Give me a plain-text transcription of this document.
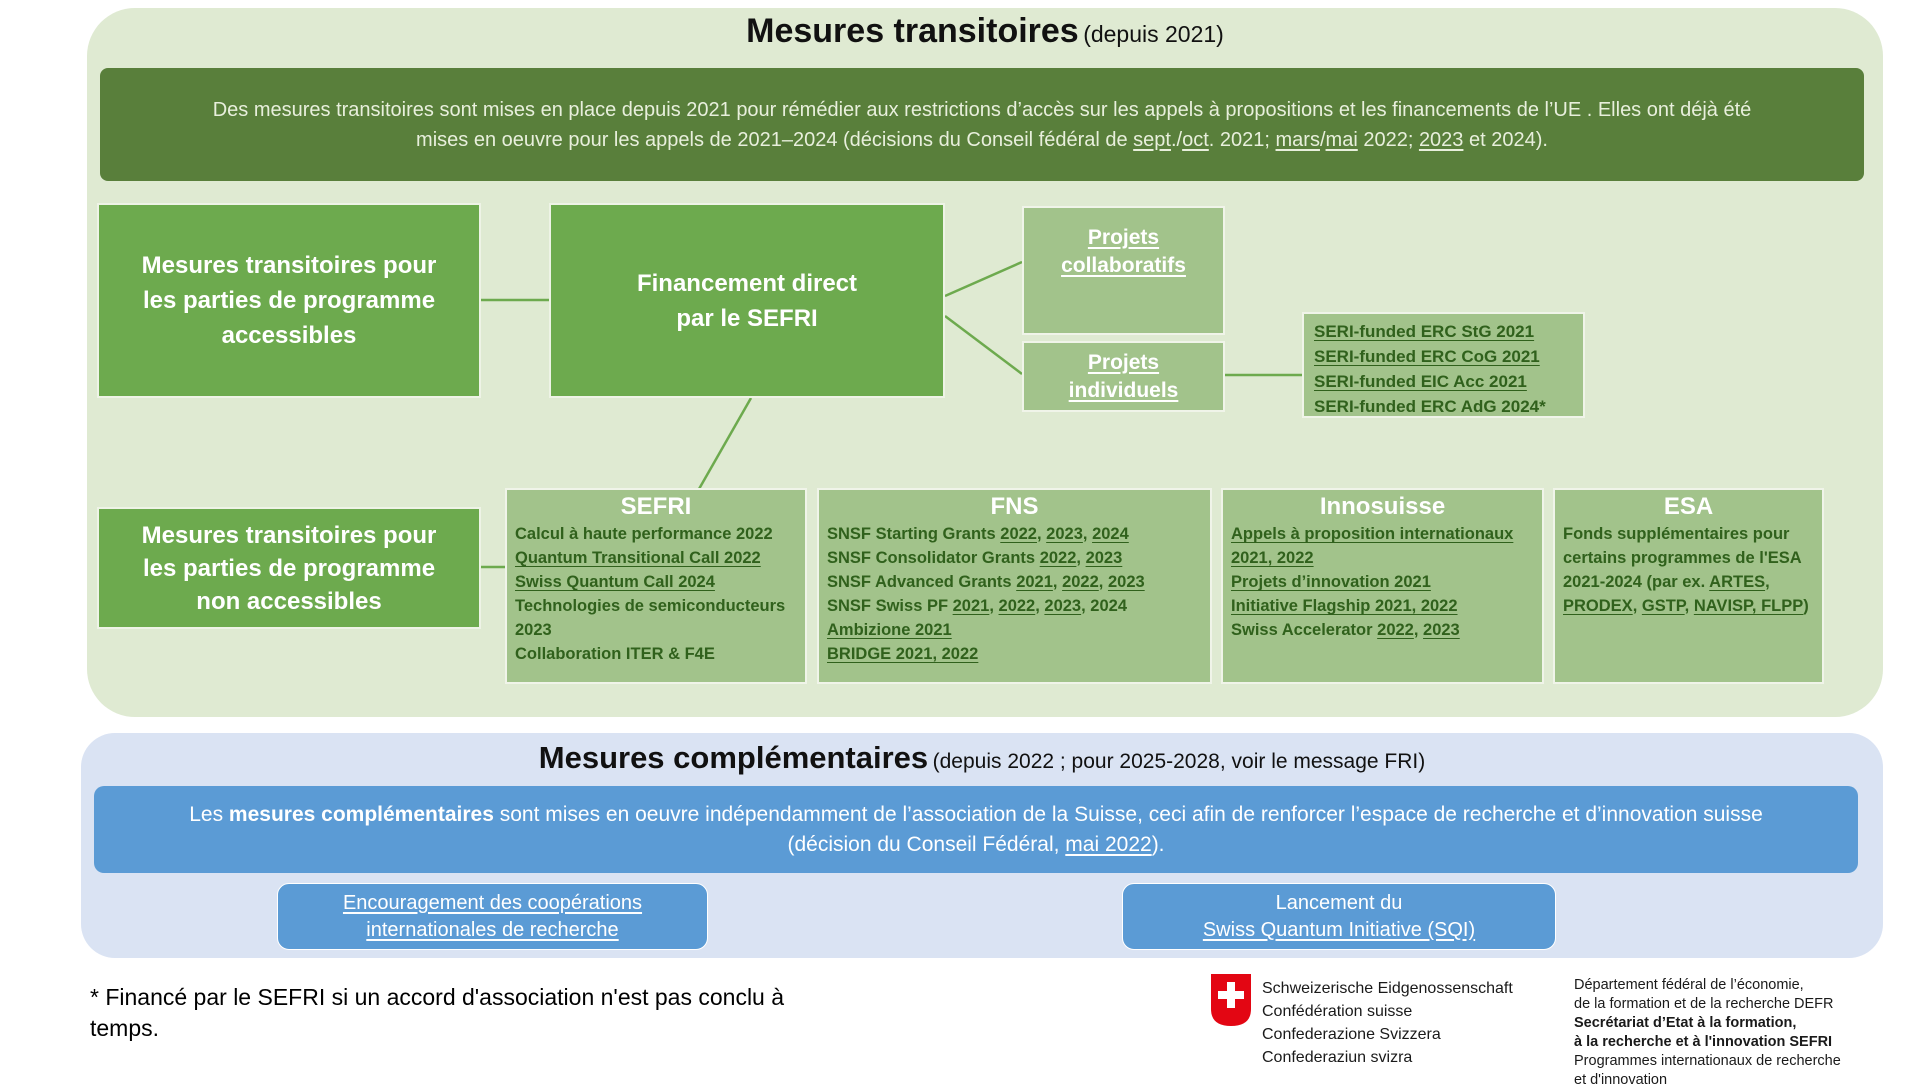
Mesures transitoires (depuis 2021)
Des mesures transitoires sont mises en place depuis 2021 pour rémédier aux restrictions d’accès sur les appels à propositions et les financements de l’UE . Elles ont déjà été
mises en oeuvre pour les appels de 2021–2024 (décisions du Conseil fédéral de sept./oct. 2021; mars/mai 2022; 2023 et 2024).
Mesures transitoires pour
les parties de programme
accessibles
Financement direct
par le SEFRI
Projets
collaboratifs
Projets
individuels
SERI-funded ERC StG 2021
SERI-funded ERC CoG 2021
SERI-funded EIC Acc 2021
SERI-funded ERC AdG 2024*
Mesures transitoires pour
les parties de programme
non accessibles
SEFRI
Calcul à haute performance 2022
Quantum Transitional Call 2022
Swiss Quantum Call 2024
Technologies de semiconducteurs
2023
Collaboration ITER & F4E
FNS
SNSF Starting Grants 2022, 2023, 2024
SNSF Consolidator Grants 2022, 2023
SNSF Advanced Grants 2021, 2022, 2023
SNSF Swiss PF 2021, 2022, 2023, 2024
Ambizione 2021
BRIDGE 2021, 2022
Innosuisse
Appels à proposition internationaux
2021, 2022
Projets d’innovation 2021
Initiative Flagship 2021, 2022
Swiss Accelerator 2022, 2023
ESA
Fonds supplémentaires pour certains programmes de l'ESA 2021-2024 (par ex. ARTES, PRODEX, GSTP, NAVISP, FLPP)
Mesures complémentaires (depuis 2022 ; pour 2025-2028, voir le message FRI)
Les mesures complémentaires sont mises en oeuvre indépendamment de l’association de la Suisse, ceci afin de renforcer l’espace de recherche et d’innovation suisse
(décision du Conseil Fédéral, mai 2022).
Encouragement des coopérations
internationales de recherche
Lancement du
Swiss Quantum Initiative (SQI)
* Financé par le SEFRI si un accord d'association n'est pas conclu à
temps.
Schweizerische Eidgenossenschaft
Confédération suisse
Confederazione Svizzera
Confederaziun svizra
Département fédéral de l’économie,
de la formation et de la recherche DEFR
Secrétariat d’Etat à la formation,
à la recherche et à l'innovation SEFRI
Programmes internationaux de recherche
et d'innovation
